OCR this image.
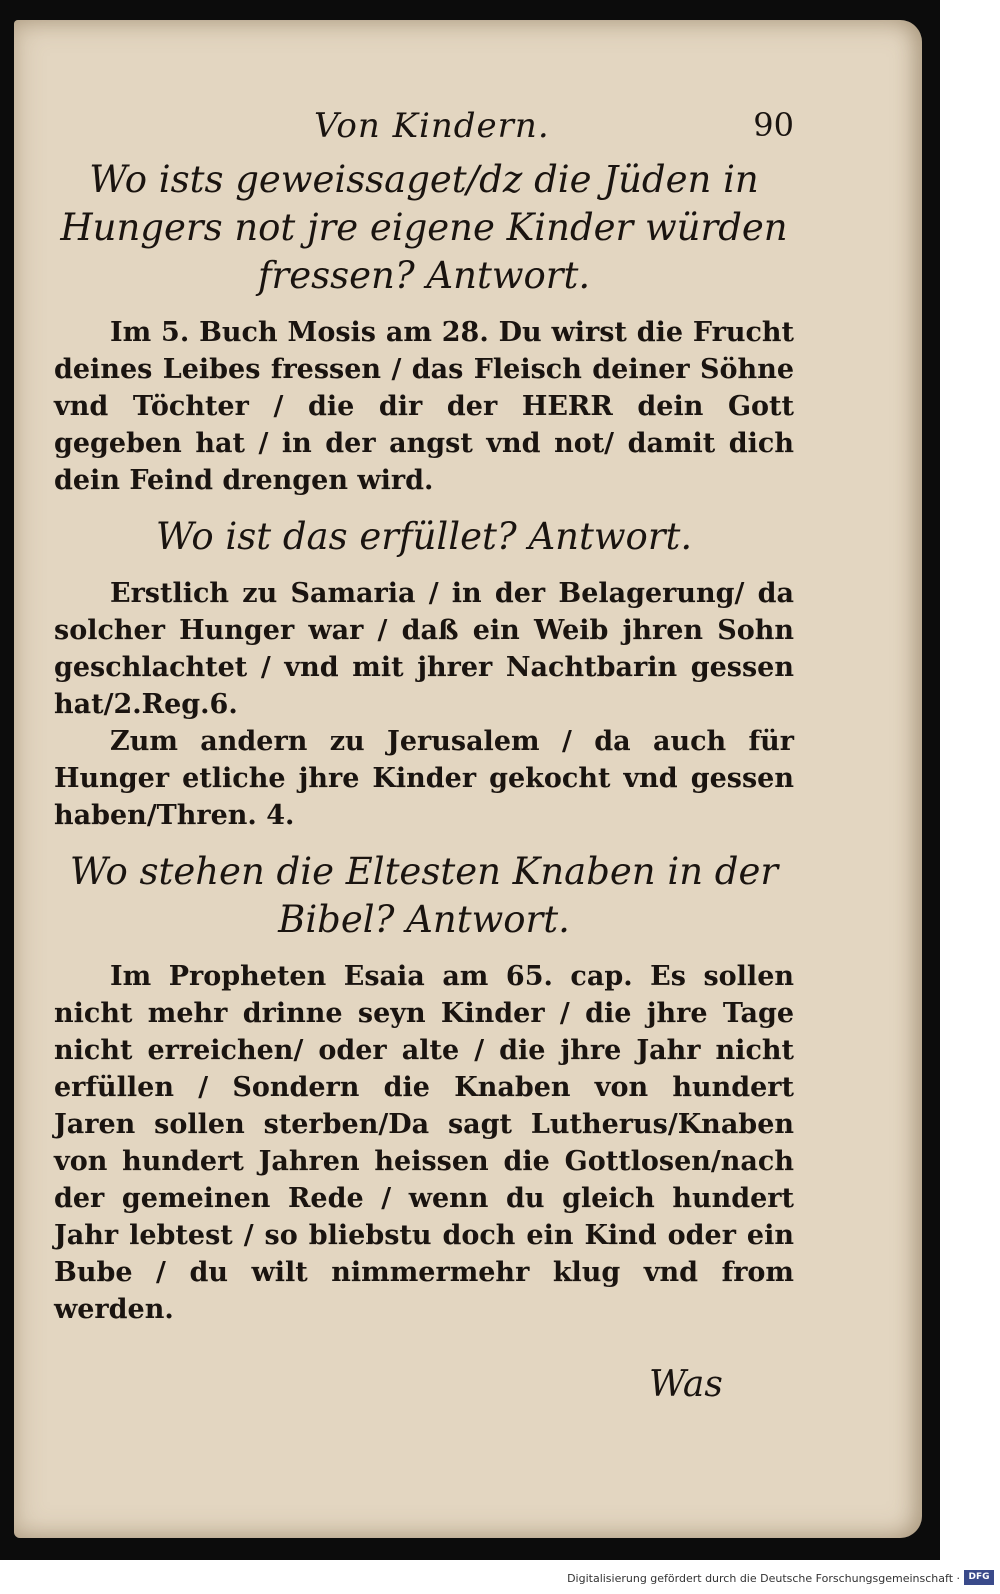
Von Kindern.	90

Wo ists geweissaget/dz die Jüden in Hungers not jre eigene Kinder würden fressen? Antwort.

Im 5. Buch Mosis am 28. Du wirst die Frucht deines Leibes fressen / das Fleisch deiner Söhne vnd Töchter / die dir der HERR dein Gott gegeben hat / in der angst vnd not/ damit dich dein Feind drengen wird.

Wo ist das erfüllet? Antwort.

Erstlich zu Samaria / in der Belagerung/ da solcher Hunger war / daß ein Weib jhren Sohn geschlachtet / vnd mit jhrer Nachtbarin gessen hat/2.Reg.6.

Zum andern zu Jerusalem / da auch für Hunger etliche jhre Kinder gekocht vnd gessen haben/Thren. 4.

Wo stehen die Eltesten Knaben in der Bibel? Antwort.

Im Propheten Esaia am 65. cap. Es sollen nicht mehr drinne seyn Kinder / die jhre Tage nicht erreichen/ oder alte / die jhre Jahr nicht erfüllen / Sondern die Knaben von hundert Jaren sollen sterben/Da sagt Lutherus/Knaben von hundert Jahren heissen die Gottlosen/nach der gemeinen Rede / wenn du gleich hundert Jahr lebtest / so bliebstu doch ein Kind oder ein Bube / du wilt nimmermehr klug vnd from werden.

Was
Digitalisierung gefördert durch die Deutsche Forschungsgemeinschaft · DFG
